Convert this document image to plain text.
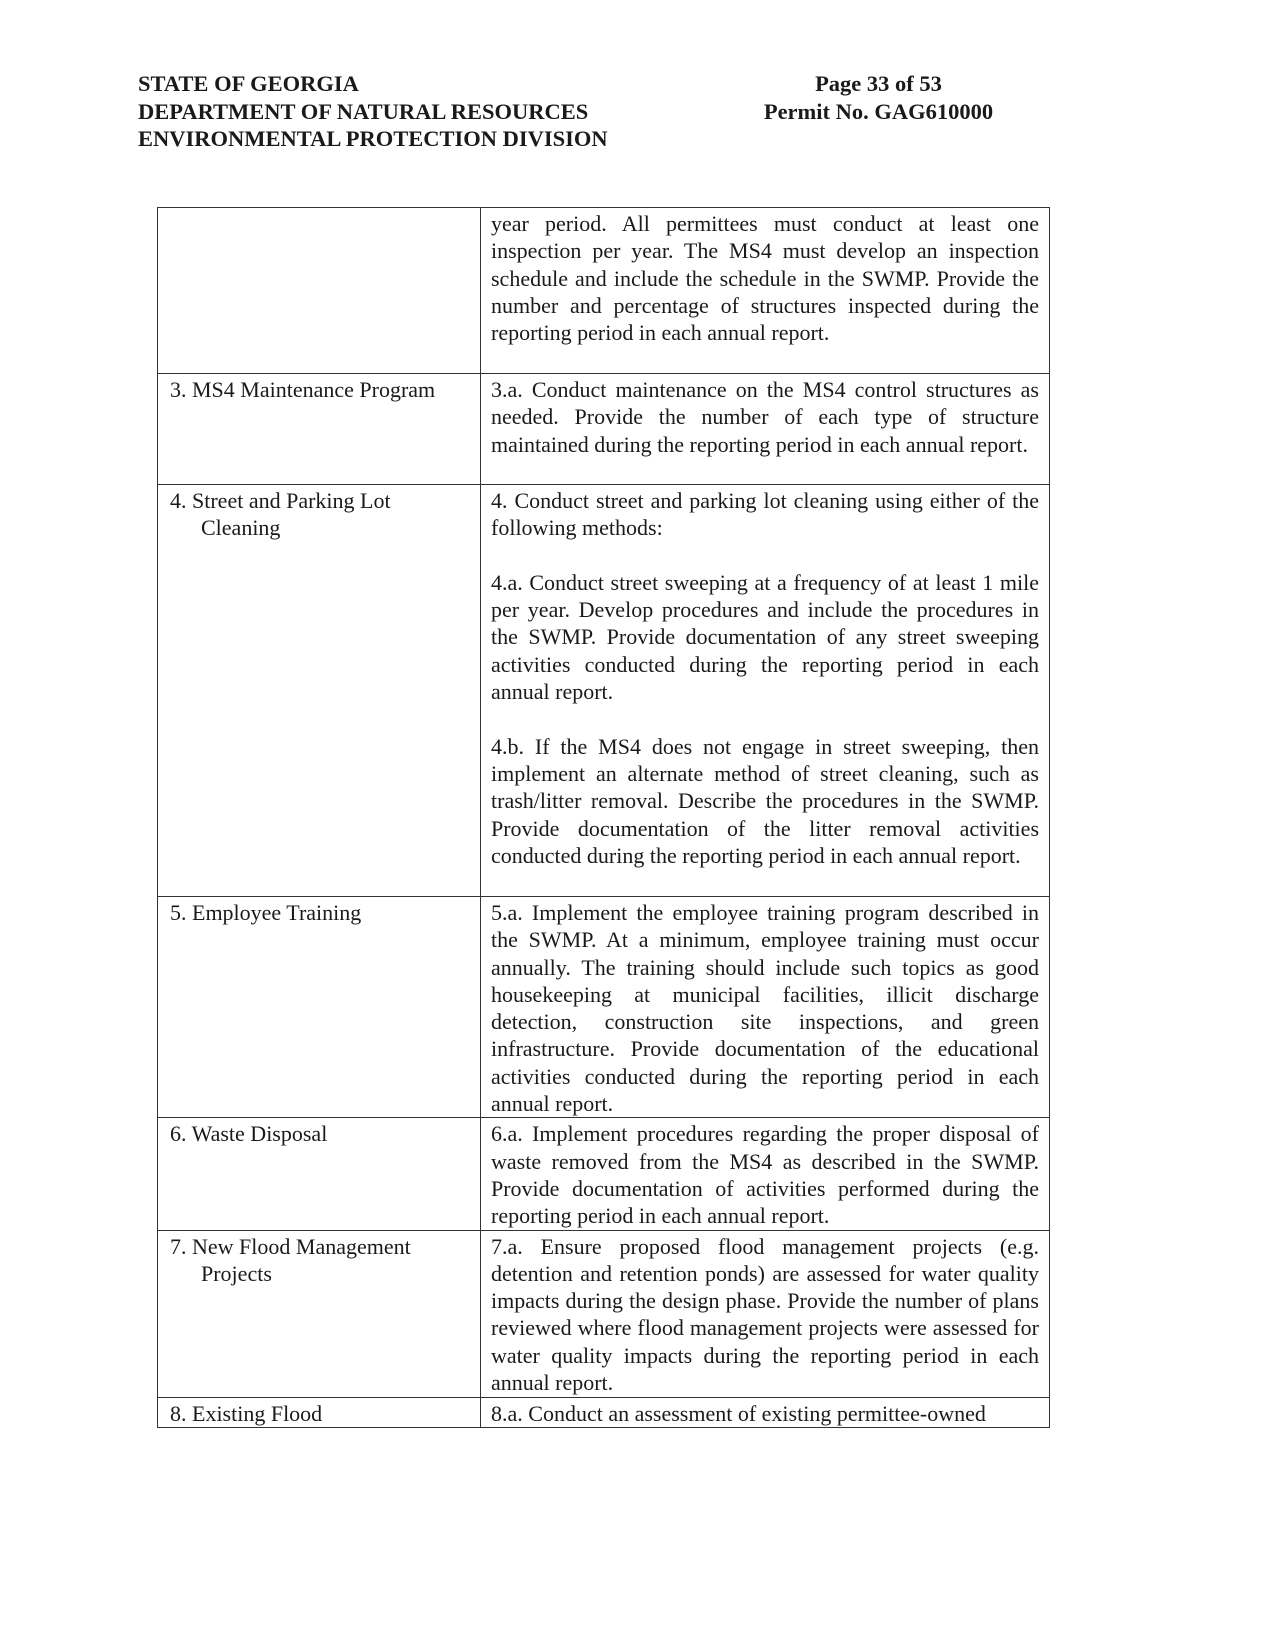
STATE OF GEORGIA
DEPARTMENT OF NATURAL RESOURCES
ENVIRONMENTAL PROTECTION DIVISION
Page 33 of 53
Permit No. GAG610000

	year period. All permittees must conduct at least one inspection per year. The MS4 must develop an inspection schedule and include the schedule in the SWMP. Provide the number and percentage of structures inspected during the reporting period in each annual report.

3. MS4 Maintenance Program	3.a. Conduct maintenance on the MS4 control structures as needed. Provide the number of each type of structure maintained during the reporting period in each annual report.

4. Street and Parking Lot Cleaning	4. Conduct street and parking lot cleaning using either of the following methods:

4.a. Conduct street sweeping at a frequency of at least 1 mile per year. Develop procedures and include the procedures in the SWMP. Provide documentation of any street sweeping activities conducted during the reporting period in each annual report.

4.b. If the MS4 does not engage in street sweeping, then implement an alternate method of street cleaning, such as trash/litter removal. Describe the procedures in the SWMP. Provide documentation of the litter removal activities conducted during the reporting period in each annual report.

5. Employee Training	5.a. Implement the employee training program described in the SWMP. At a minimum, employee training must occur annually. The training should include such topics as good housekeeping at municipal facilities, illicit discharge detection, construction site inspections, and green infrastructure. Provide documentation of the educational activities conducted during the reporting period in each annual report.

6. Waste Disposal	6.a. Implement procedures regarding the proper disposal of waste removed from the MS4 as described in the SWMP. Provide documentation of activities performed during the reporting period in each annual report.

7. New Flood Management Projects	7.a. Ensure proposed flood management projects (e.g. detention and retention ponds) are assessed for water quality impacts during the design phase. Provide the number of plans reviewed where flood management projects were assessed for water quality impacts during the reporting period in each annual report.

8. Existing Flood	8.a. Conduct an assessment of existing permittee-owned
